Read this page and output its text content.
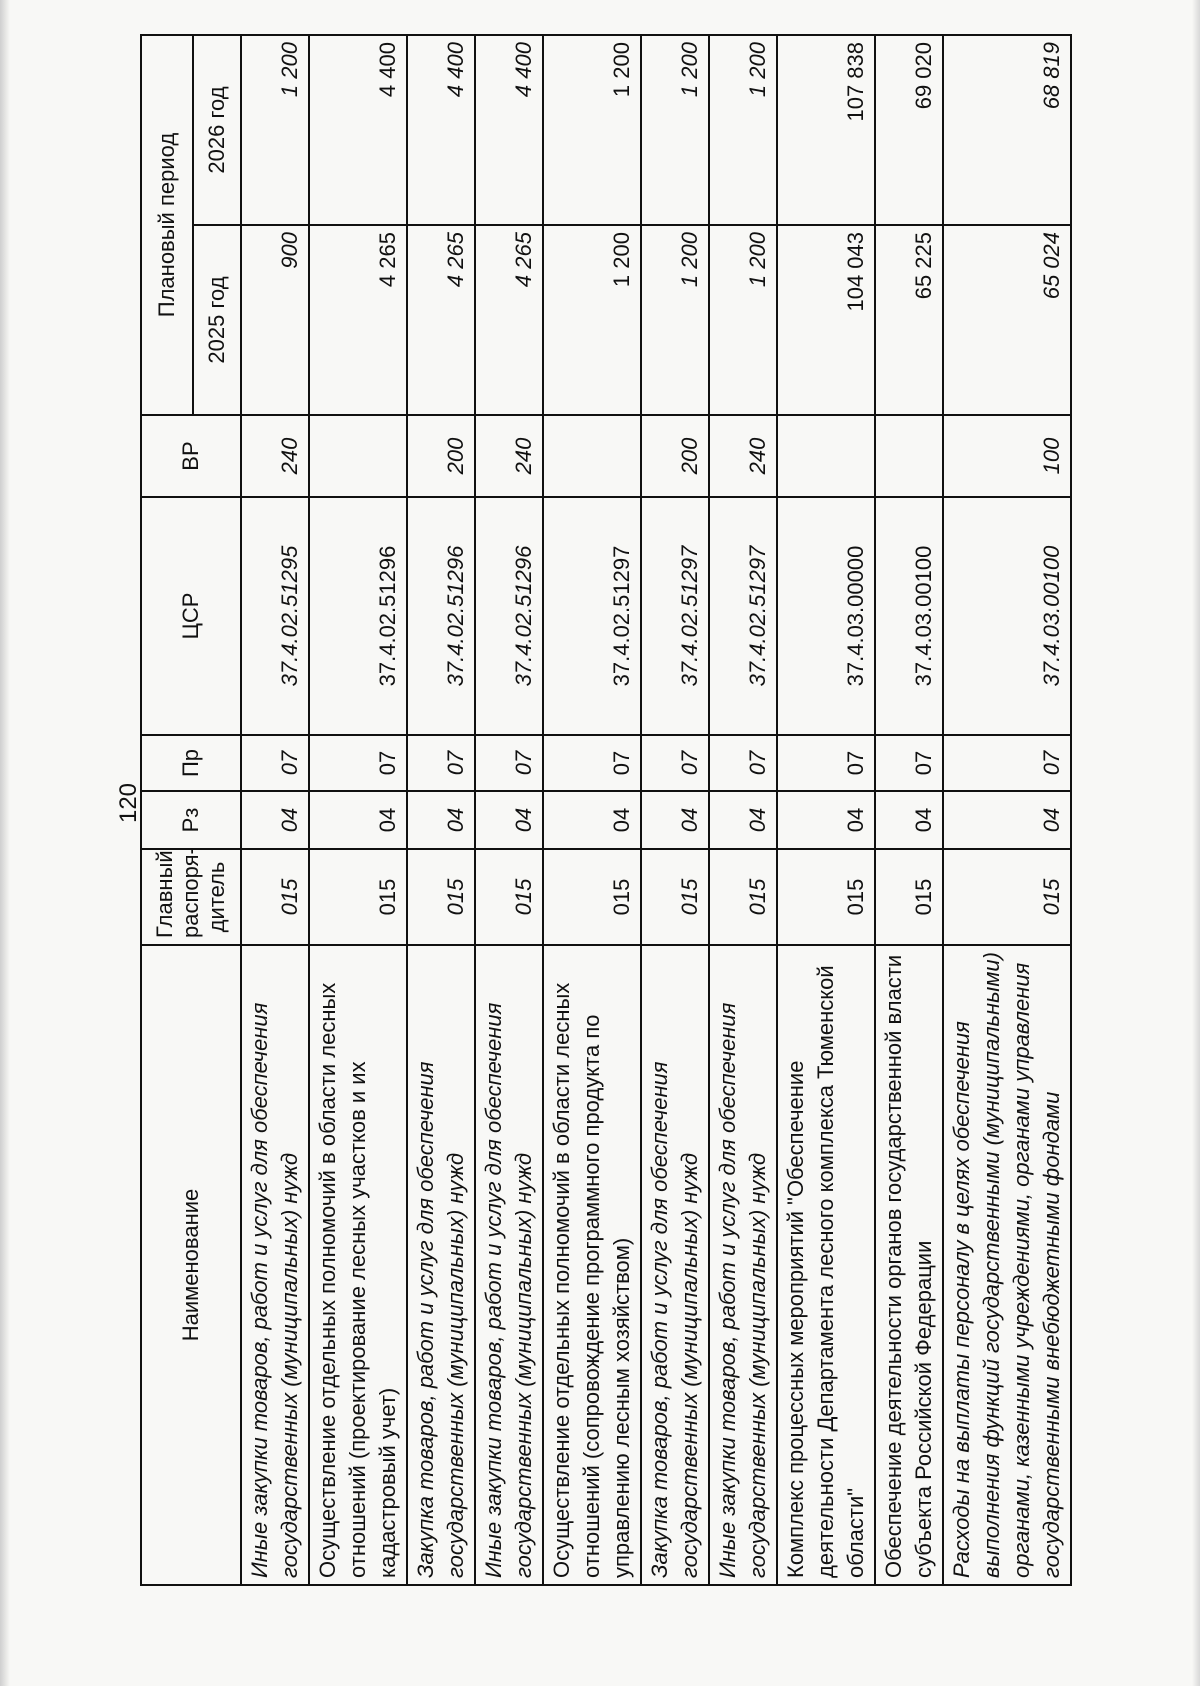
120
Наименование	Главный распоря-дитель	Рз	Пр	ЦСР	ВР	Плановый период	
						2025 год	2026 год
Иные закупки товаров, работ и услуг для обеспечения государственных (муниципальных) нужд	015	04	07	37.4.02.51295	240	900	1 200
Осуществление отдельных полномочий в области лесных отношений (проектирование лесных участков и их кадастровый учет)	015	04	07	37.4.02.51296		4 265	4 400
Закупка товаров, работ и услуг для обеспечения государственных (муниципальных) нужд	015	04	07	37.4.02.51296	200	4 265	4 400
Иные закупки товаров, работ и услуг для обеспечения государственных (муниципальных) нужд	015	04	07	37.4.02.51296	240	4 265	4 400
Осуществление отдельных полномочий в области лесных отношений (сопровождение программного продукта по управлению лесным хозяйством)	015	04	07	37.4.02.51297		1 200	1 200
Закупка товаров, работ и услуг для обеспечения государственных (муниципальных) нужд	015	04	07	37.4.02.51297	200	1 200	1 200
Иные закупки товаров, работ и услуг для обеспечения государственных (муниципальных) нужд	015	04	07	37.4.02.51297	240	1 200	1 200
Комплекс процессных мероприятий "Обеспечение деятельности Департамента лесного комплекса Тюменской области"	015	04	07	37.4.03.00000		104 043	107 838
Обеспечение деятельности органов государственной власти субъекта Российской Федерации	015	04	07	37.4.03.00100		65 225	69 020
Расходы на выплаты персоналу в целях обеспечения выполнения функций государственными (муниципальными) органами, казенными учреждениями, органами управления государственными внебюджетными фондами	015	04	07	37.4.03.00100	100	65 024	68 819
